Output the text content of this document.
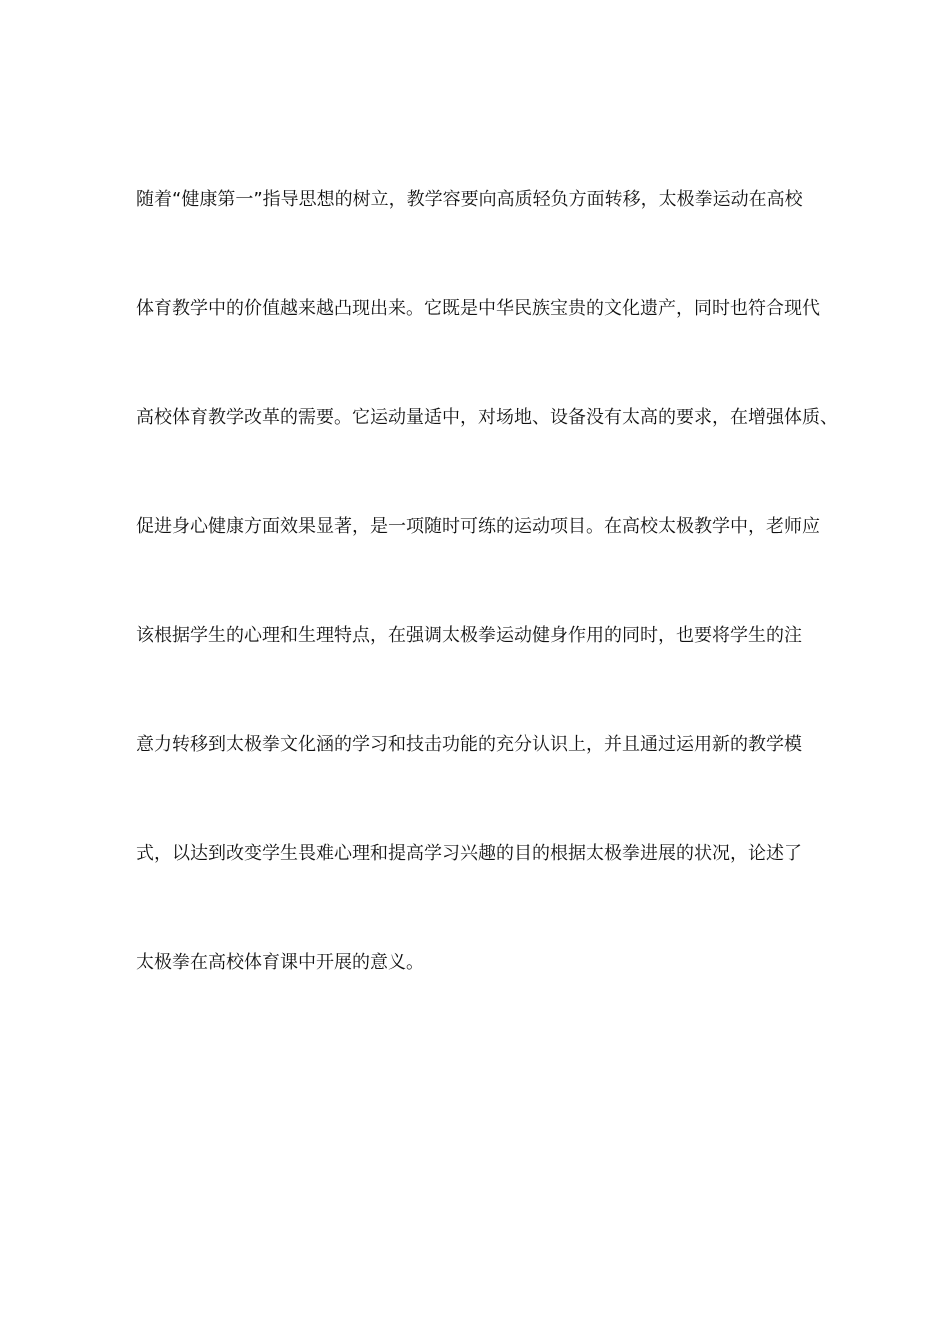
随着“健康第一”指导思想的树立，教学容要向高质轻负方面转移，太极拳运动在高校
体育教学中的价值越来越凸现出来。它既是中华民族宝贵的文化遗产，同时也符合现代
高校体育教学改革的需要。它运动量适中，对场地、设备没有太高的要求，在增强体质、
促进身心健康方面效果显著，是一项随时可练的运动项目。在高校太极教学中，老师应
该根据学生的心理和生理特点，在强调太极拳运动健身作用的同时，也要将学生的注
意力转移到太极拳文化涵的学习和技击功能的充分认识上，并且通过运用新的教学模
式，以达到改变学生畏难心理和提高学习兴趣的目的根据太极拳进展的状况，论述了
太极拳在高校体育课中开展的意义。
